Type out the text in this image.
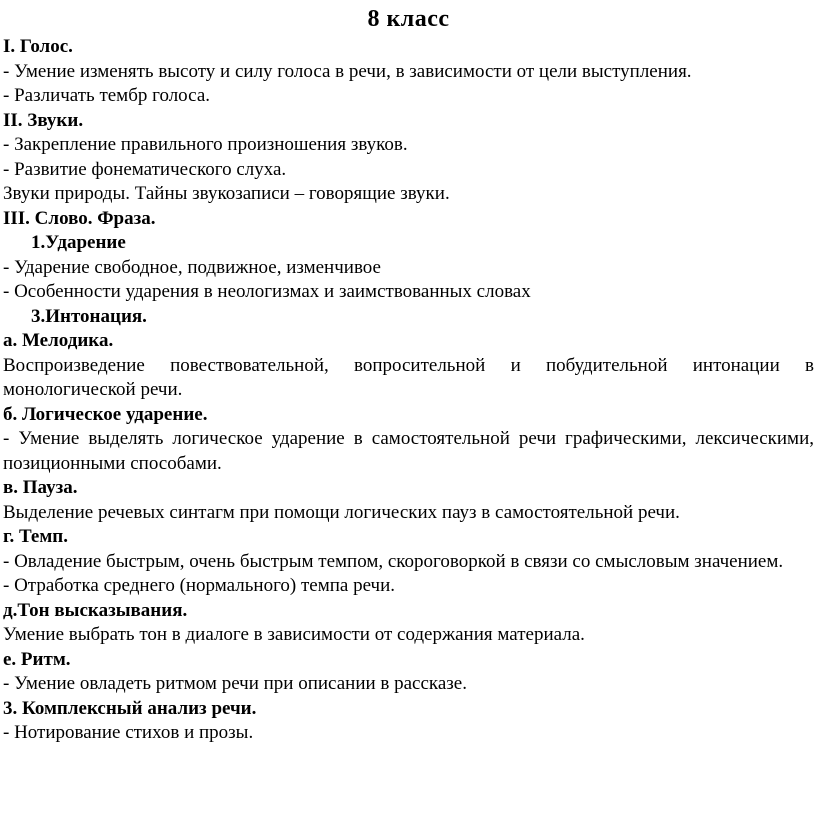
8 класс
I. Голос.
- Умение изменять высоту и силу голоса в речи, в зависимости от цели выступления.
- Различать тембр голоса.
II. Звуки.
- Закрепление правильного произношения звуков.
- Развитие фонематического слуха.
Звуки природы. Тайны звукозаписи – говорящие звуки.
III. Слово. Фраза.
1.Ударение
- Ударение свободное, подвижное, изменчивое
- Особенности ударения в неологизмах и заимствованных словах
3.Интонация.
а. Мелодика.
Воспроизведение повествовательной, вопросительной и побудительной интонации в монологической речи.
б. Логическое ударение.
- Умение выделять логическое ударение в самостоятельной речи графическими, лексическими, позиционными способами.
в. Пауза.
Выделение речевых синтагм при помощи логических пауз в самостоятельной речи.
г. Темп.
- Овладение быстрым, очень быстрым темпом, скороговоркой в связи со смысловым значением.
- Отработка среднего (нормального) темпа речи.
д.Тон высказывания.
Умение выбрать тон в диалоге в зависимости от содержания материала.
е. Ритм.
- Умение овладеть ритмом речи при описании в рассказе.
3. Комплексный анализ речи.
- Нотирование стихов и прозы.
